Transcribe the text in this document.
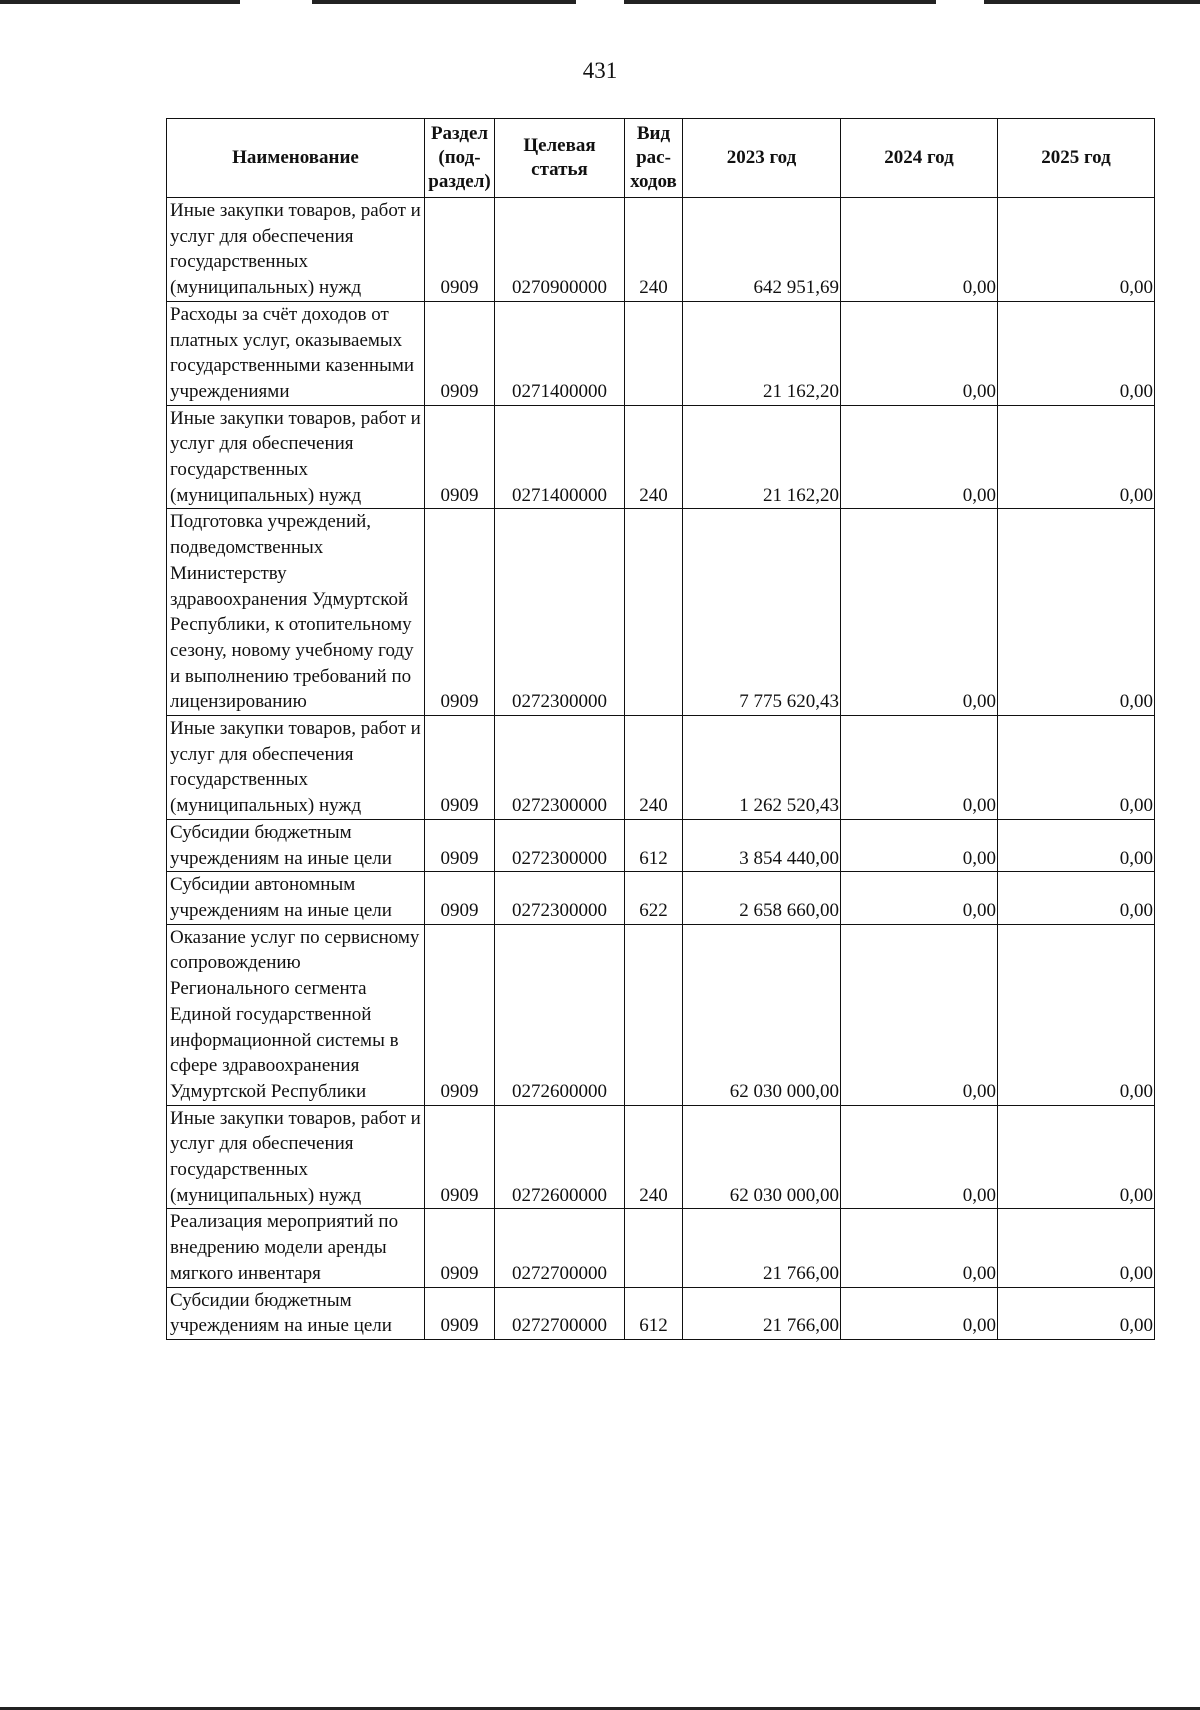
431
Наименование	Раздел (под-раздел)	Целевая статья	Вид рас-ходов	2023 год	2024 год	2025 год
Иные закупки товаров, работ и услуг для обеспечения государственных (муниципальных) нужд	0909	0270900000	240	642 951,69	0,00	0,00
Расходы за счёт доходов от платных услуг, оказываемых государственными казенными учреждениями	0909	0271400000		21 162,20	0,00	0,00
Иные закупки товаров, работ и услуг для обеспечения государственных (муниципальных) нужд	0909	0271400000	240	21 162,20	0,00	0,00
Подготовка учреждений, подведомственных Министерству здравоохранения Удмуртской Республики, к отопительному сезону, новому учебному году и выполнению требований по лицензированию	0909	0272300000		7 775 620,43	0,00	0,00
Иные закупки товаров, работ и услуг для обеспечения государственных (муниципальных) нужд	0909	0272300000	240	1 262 520,43	0,00	0,00
Субсидии бюджетным учреждениям на иные цели	0909	0272300000	612	3 854 440,00	0,00	0,00
Субсидии автономным учреждениям на иные цели	0909	0272300000	622	2 658 660,00	0,00	0,00
Оказание услуг по сервисному сопровождению Регионального сегмента Единой государственной информационной системы в сфере здравоохранения Удмуртской Республики	0909	0272600000		62 030 000,00	0,00	0,00
Иные закупки товаров, работ и услуг для обеспечения государственных (муниципальных) нужд	0909	0272600000	240	62 030 000,00	0,00	0,00
Реализация мероприятий по внедрению модели аренды мягкого инвентаря	0909	0272700000		21 766,00	0,00	0,00
Субсидии бюджетным учреждениям на иные цели	0909	0272700000	612	21 766,00	0,00	0,00
